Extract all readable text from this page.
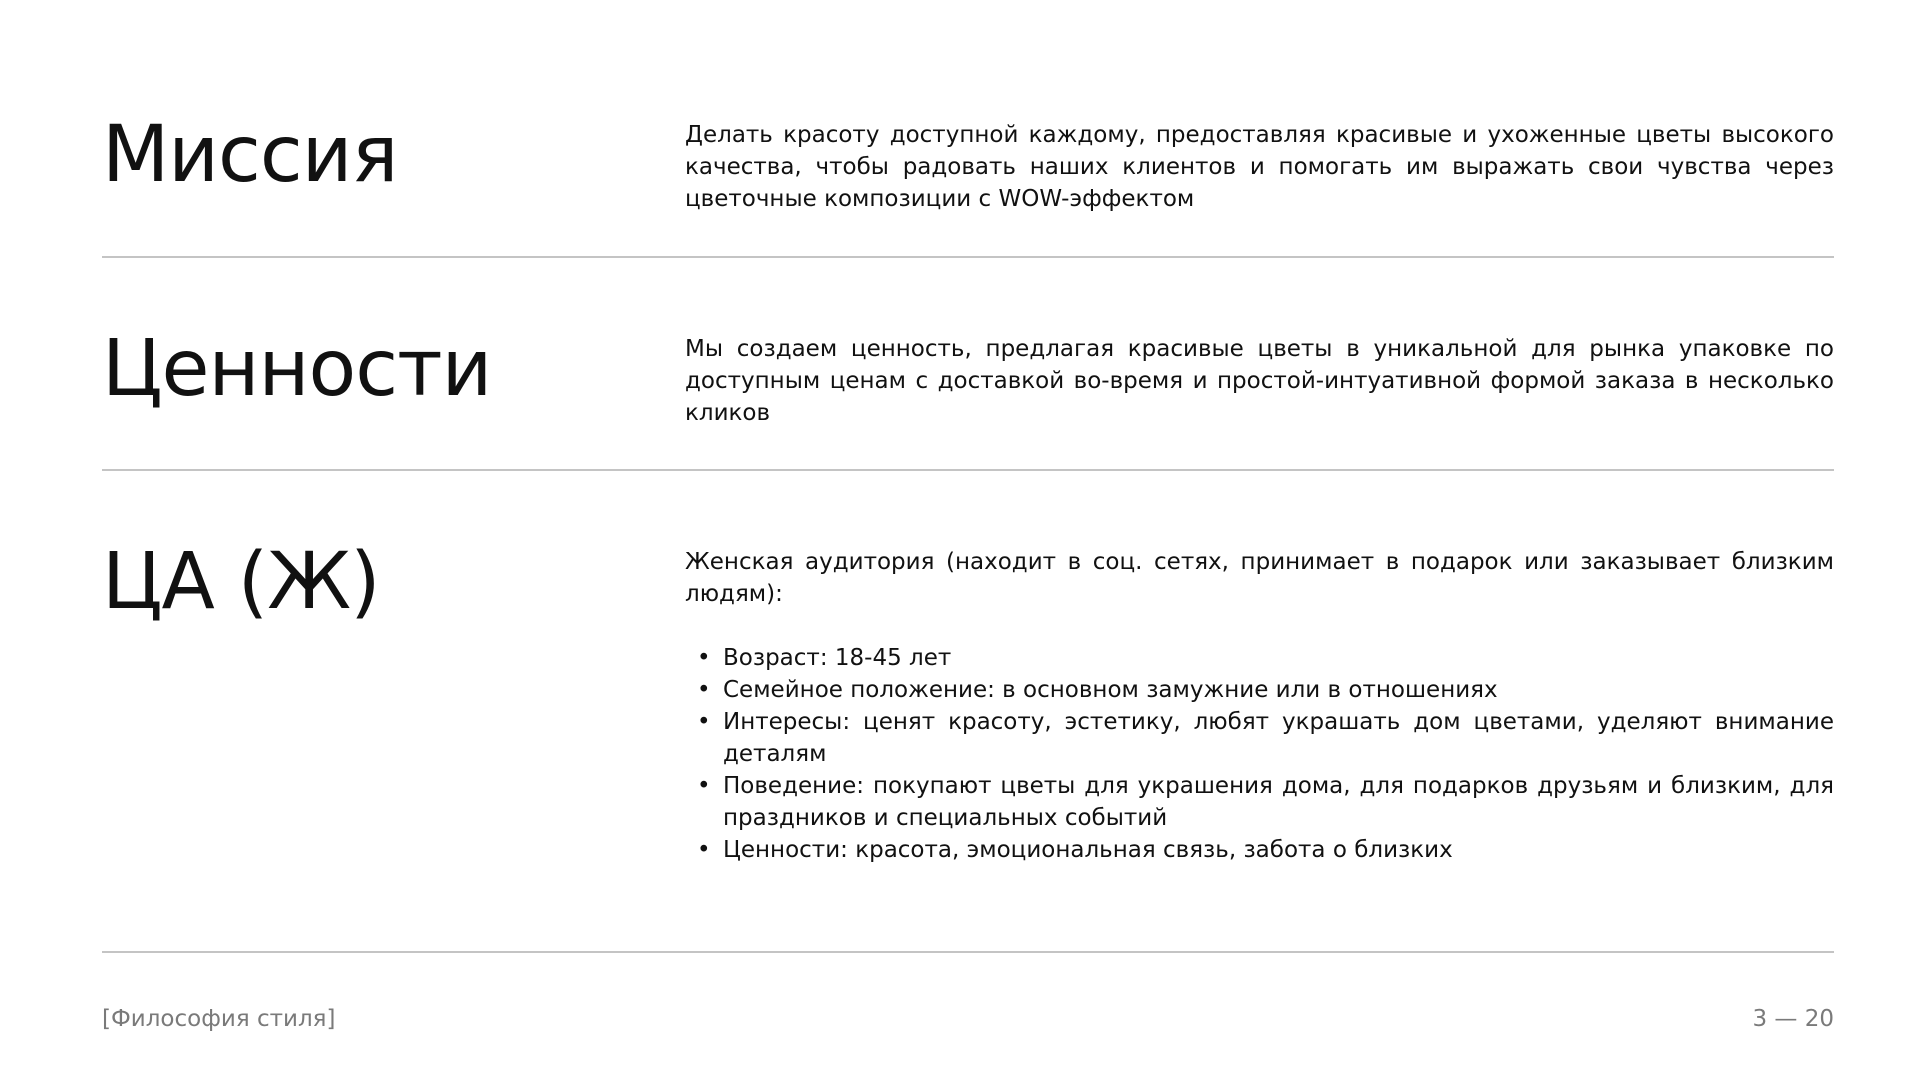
Миссия	Делать красоту доступной каждому, предоставляя красивые и ухоженные цветы высокого качества, чтобы радовать наших клиентов и помогать им выражать свои чувства через цветочные композиции с WOW-эффектом

Ценности	Мы создаем ценность, предлагая красивые цветы в уникальной для рынка упаковке по доступным ценам с доставкой во-время и простой-интуативной формой заказа в несколько кликов

ЦА (Ж)	Женская аудитория (находит в соц. сетях, принимает в подарок или заказывает близким людям):

• Возраст: 18-45 лет
• Семейное положение: в основном замужние или в отношениях
• Интересы: ценят красоту, эстетику, любят украшать дом цветами, уделяют внимание деталям
• Поведение: покупают цветы для украшения дома, для подарков друзьям и близким, для праздников и специальных событий
• Ценности: красота, эмоциональная связь, забота о близких
[Философия стиля]	3 — 20
